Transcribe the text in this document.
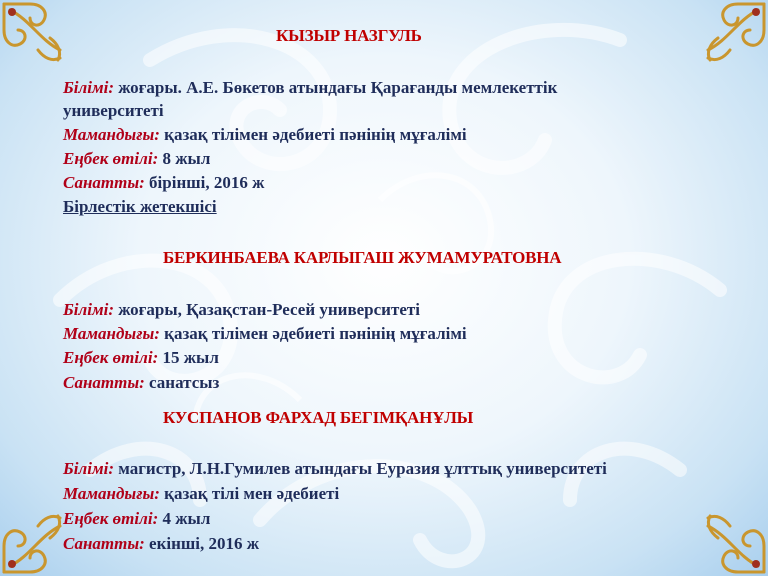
КЫЗЫР НАЗГУЛЬ
Білімі: жоғары. А.Е. Бөкетов атындағы Қарағанды мемлекеттік
университеті
Мамандығы: қазақ тілімен әдебиеті пәнінің мұғалімі
Еңбек өтілі: 8 жыл
Санатты: бірінші, 2016 ж
Бірлестік жетекшісі
БЕРКИНБАЕВА КАРЛЫГАШ ЖУМАМУРАТОВНА
Білімі: жоғары, Қазақстан-Ресей университеті
Мамандығы: қазақ тілімен әдебиеті пәнінің мұғалімі
Еңбек өтілі: 15 жыл
Санатты: санатсыз
КУСПАНОВ ФАРХАД БЕГІМҚАНҰЛЫ
Білімі: магистр, Л.Н.Гумилев атындағы Еуразия ұлттық университеті
Мамандығы: қазақ тілі мен әдебиеті
Еңбек өтілі: 4 жыл
Санатты: екінші, 2016 ж
